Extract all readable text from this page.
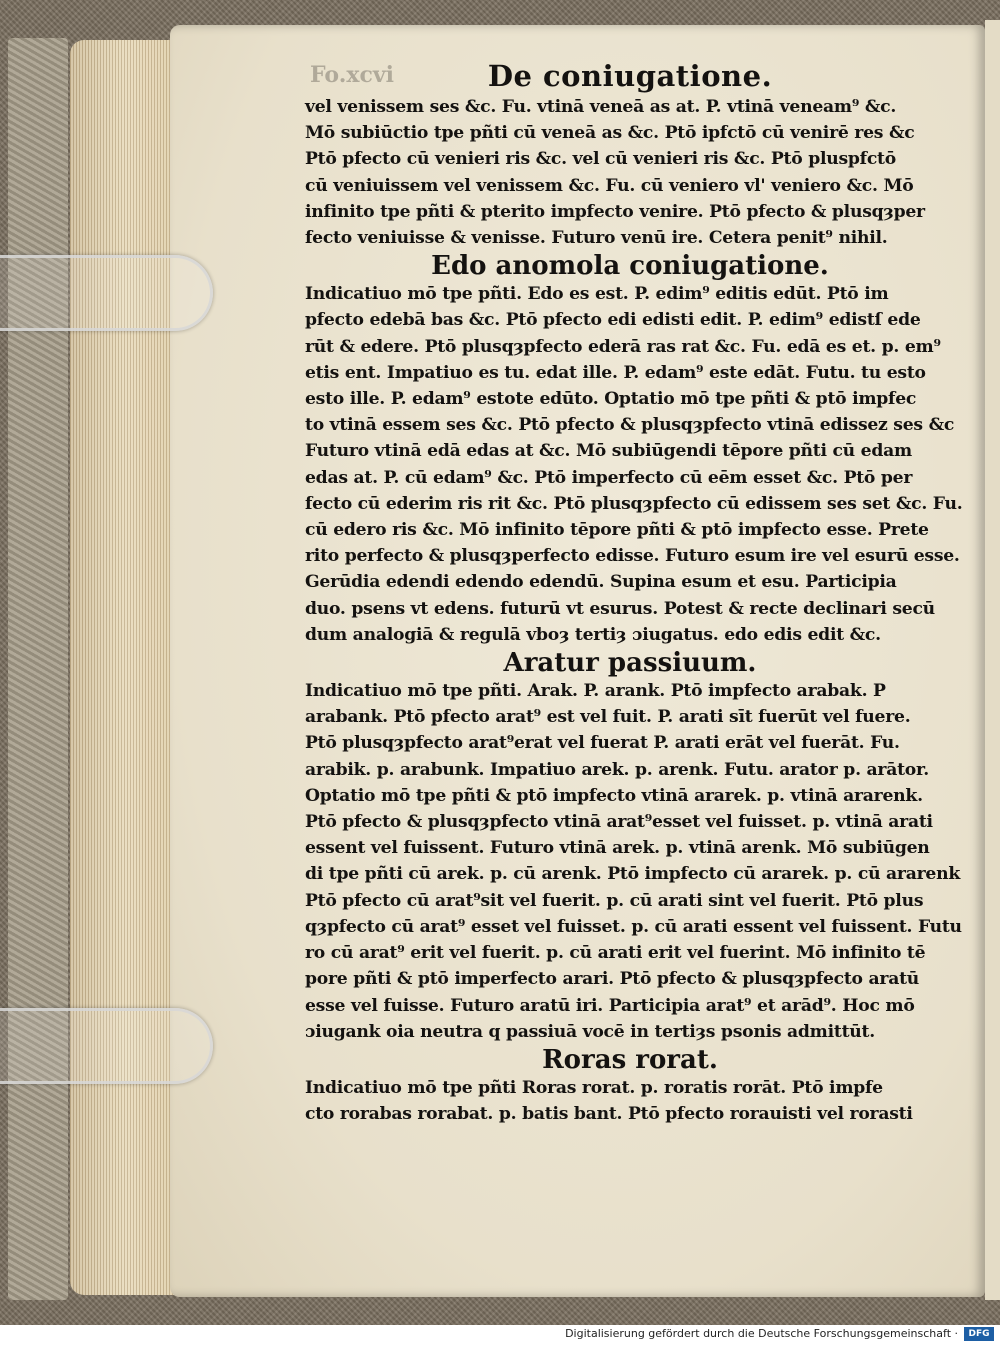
Fo.xcvi	De coniugatione.

vel venissem ses &c. Fu. vtinā veneā as at. P. vtinā veneam⁹ &c.

Mō subiūctio tpe pñti cū veneā as &c. Ptō ipfctō cū venirē res &c

Ptō pfecto cū venieri ris &c. vel cū venieri ris &c. Ptō pluspfctō

cū veniuissem vel venissem &c. Fu. cū veniero vl' veniero &c. Mō

infinito tpe pñti & pterito impfecto venire. Ptō pfecto & plusqȝper

fecto veniuisse & venisse. Futuro venū ire. Cetera penit⁹ nihil.

Edo anomola coniugatione.

Indicatiuo mō tpe pñti. Edo es est. P. edim⁹ editis edūt. Ptō im

pfecto edebā bas &c. Ptō pfecto edi edisti edit. P. edim⁹ edistſ ede

rūt & edere. Ptō plusqȝpfecto ederā ras rat &c. Fu. edā es et. p. em⁹

etis ent. Impatiuo es tu. edat ille. P. edam⁹ este edāt. Futu. tu esto

esto ille. P. edam⁹ estote edūto. Optatio mō tpe pñti & ptō impfec

to vtinā essem ses &c. Ptō pfecto & plusqȝpfecto vtinā edissez ses &c

Futuro vtinā edā edas at &c. Mō subiūgendi tēpore pñti cū edam

edas at. P. cū edam⁹ &c. Ptō imperfecto cū eēm esset &c. Ptō per

fecto cū ederim ris rit &c. Ptō plusqȝpfecto cū edissem ses set &c. Fu.

cū edero ris &c. Mō infinito tēpore pñti & ptō impfecto esse. Prete

rito perfecto & plusqȝperfecto edisse. Futuro esum ire vel esurū esse.

Gerūdia edendi edendo edendū. Supina esum et esu. Participia

duo. psens vt edens. futurū vt esurus. Potest & recte declinari secū

dum analogiā & regulā vboȝ tertiȝ ɔiugatus. edo edis edit &c.

Aratur passiuum.

Indicatiuo mō tpe pñti. Arak. P. arank. Ptō impfecto arabak. P

arabank. Ptō pfecto arat⁹ est vel fuit. P. arati sīt fuerūt vel fuere.

Ptō plusqȝpfecto arat⁹erat vel fuerat P. arati erāt vel fuerāt. Fu.

arabik. p. arabunk. Impatiuo arek. p. arenk. Futu. arator p. arātor.

Optatio mō tpe pñti & ptō impfecto vtinā ararek. p. vtinā ararenk.

Ptō pfecto & plusqȝpfecto vtinā arat⁹esset vel fuisset. p. vtinā arati

essent vel fuissent. Futuro vtinā arek. p. vtinā arenk. Mō subiūgen

di tpe pñti cū arek. p. cū arenk. Ptō impfecto cū ararek. p. cū ararenk

Ptō pfecto cū arat⁹sit vel fuerit. p. cū arati sint vel fuerit. Ptō plus

qȝpfecto cū arat⁹ esset vel fuisset. p. cū arati essent vel fuissent. Futu

ro cū arat⁹ erit vel fuerit. p. cū arati erit vel fuerint. Mō infinito tē

pore pñti & ptō imperfecto arari. Ptō pfecto & plusqȝpfecto aratū

esse vel fuisse. Futuro aratū iri. Participia arat⁹ et arād⁹. Hoc mō

ɔiugank oia neutra q passiuā vocē in tertiȝs psonis admittūt.

Roras rorat.

Indicatiuo mō tpe pñti Roras rorat. p. roratis rorāt. Ptō impfe

cto rorabas rorabat. p. batis bant. Ptō pfecto rorauisti vel rorasti

Digitalisierung gefördert durch die Deutsche Forschungsgemeinschaft ·	DFG
